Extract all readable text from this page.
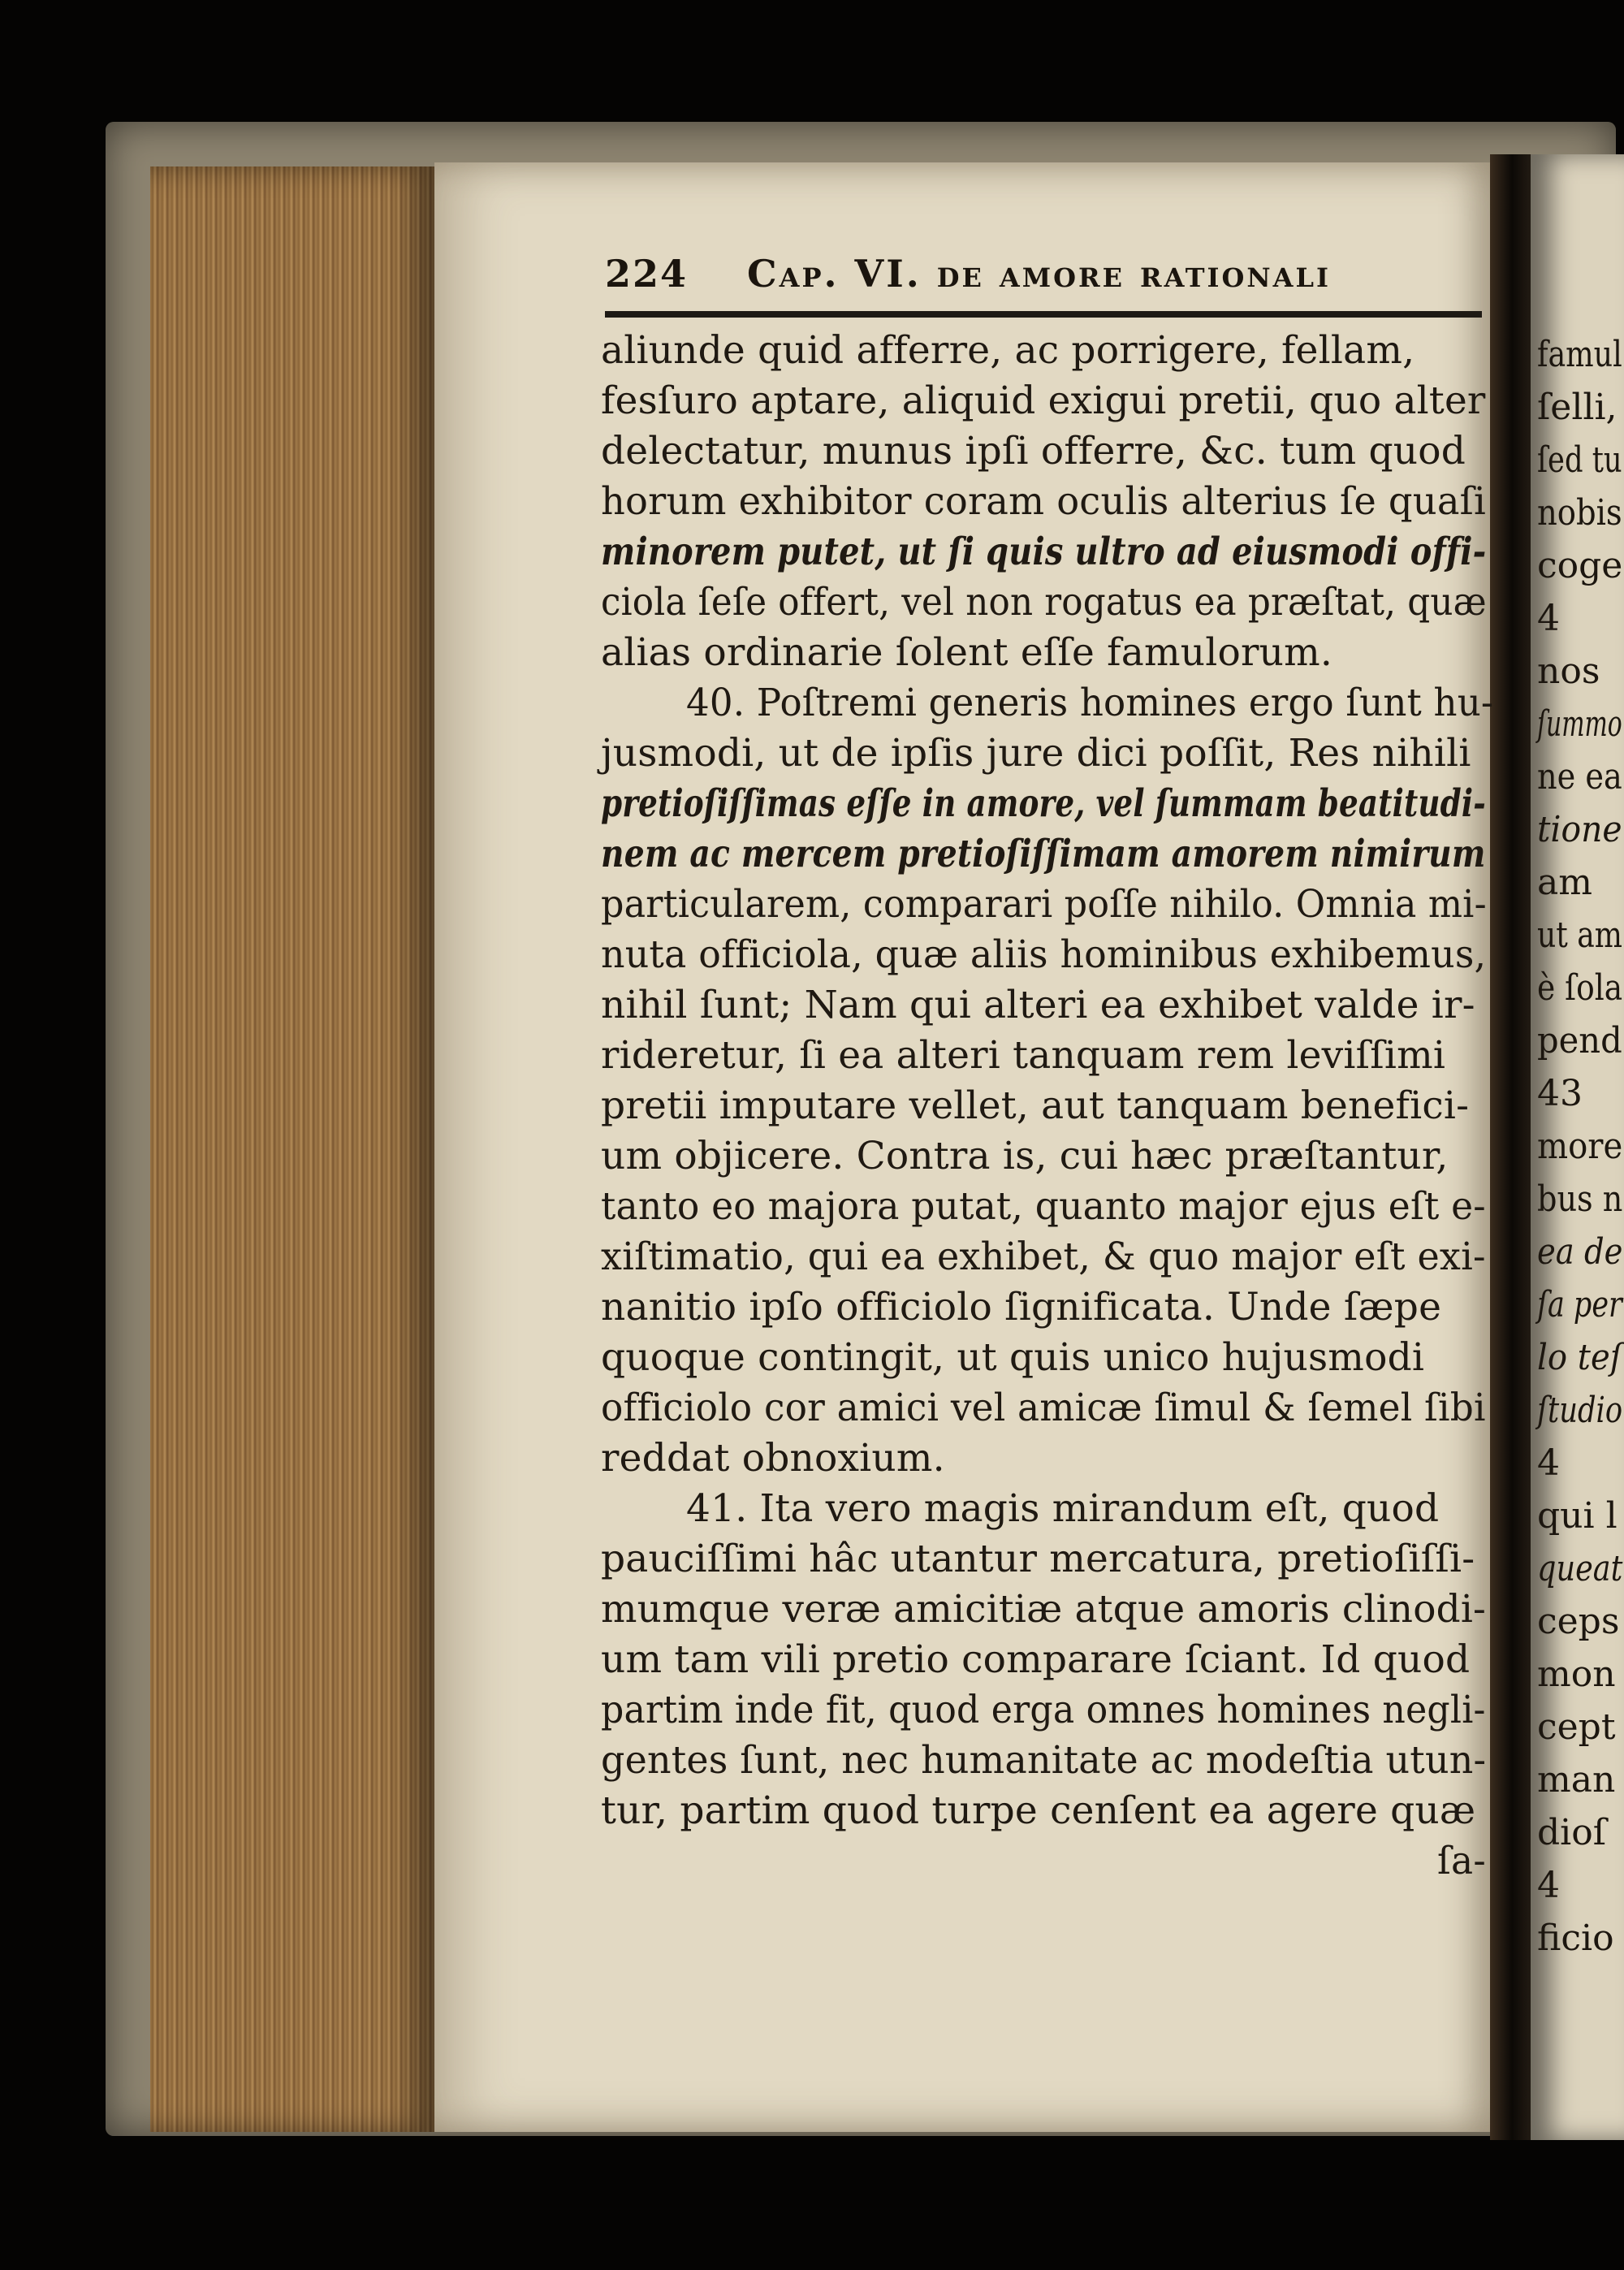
famul
ſelli,
ſed tu
nobis
coge
4
nos
ſummo
ne ea
tione
am
ut am
è ſola
pend
43
more
bus n
ea de
ſa per
lo teſ
ſtudio
4
qui l
queat
ceps
mon
cept
man
dioſ
4
ficio
224 Cap. VI. de amore rationali
aliunde quid afferre, ac porrigere, fellam,
fesſuro aptare, aliquid exigui pretii, quo alter
delectatur, munus ipſi offerre, &c. tum quod
horum exhibitor coram oculis alterius ſe quaſi
minorem putet, ut ſi quis ultro ad eiusmodi offi-
ciola ſeſe offert, vel non rogatus ea præſtat, quæ
alias ordinarie ſolent eſſe famulorum.
40. Poſtremi generis homines ergo ſunt hu-
jusmodi, ut de ipſis jure dici poſſit, Res nihili
pretioſiſſimas eſſe in amore, vel ſummam beatitudi-
nem ac mercem pretioſiſſimam amorem nimirum
particularem, comparari poſſe nihilo. Omnia mi-
nuta officiola, quæ aliis hominibus exhibemus,
nihil ſunt; Nam qui alteri ea exhibet valde ir-
rideretur, ſi ea alteri tanquam rem leviſſimi
pretii imputare vellet, aut tanquam benefici-
um objicere. Contra is, cui hæc præſtantur,
tanto eo majora putat, quanto major ejus eſt e-
xiſtimatio, qui ea exhibet, & quo major eſt exi-
nanitio ipſo officiolo ſignificata. Unde ſæpe
quoque contingit, ut quis unico hujusmodi
officiolo cor amici vel amicæ ſimul & ſemel ſibi
reddat obnoxium.
41. Ita vero magis mirandum eſt, quod
pauciſſimi hâc utantur mercatura, pretioſiſſi-
mumque veræ amicitiæ atque amoris clinodi-
um tam vili pretio comparare ſciant. Id quod
partim inde fit, quod erga omnes homines negli-
gentes ſunt, nec humanitate ac modeſtia utun-
tur, partim quod turpe cenſent ea agere quæ
ſa-
